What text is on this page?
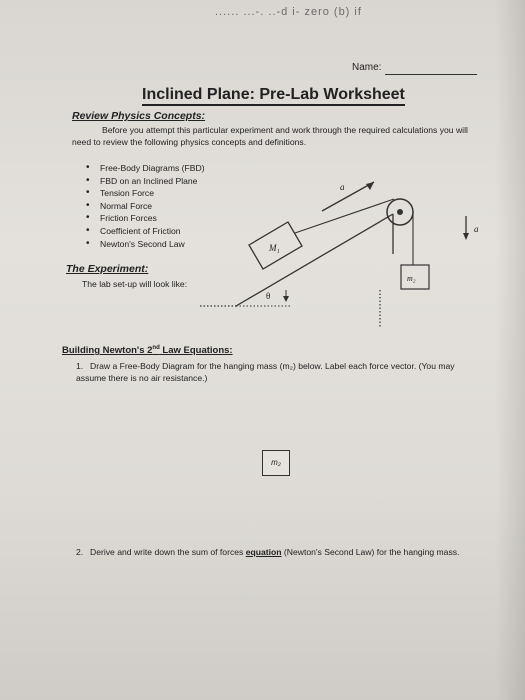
...... ...-. ..-d i- zero (b) if
Name:
Inclined Plane: Pre-Lab Worksheet
Review Physics Concepts:
Before you attempt this particular experiment and work through the required calculations you will need to review the following physics concepts and definitions.
• Free-Body Diagrams (FBD)
• FBD on an Inclined Plane
• Tension Force
• Normal Force
• Friction Forces
• Coefficient of Friction
• Newton's Second Law
The Experiment:
The lab set-up will look like:
a
a
M₁
m₂
θ
Building Newton's 2nd Law Equations:
1. Draw a Free-Body Diagram for the hanging mass (m₂) below. Label each force vector. (You may assume there is no air resistance.)
m₂
2. Derive and write down the sum of forces equation (Newton's Second Law) for the hanging mass.
